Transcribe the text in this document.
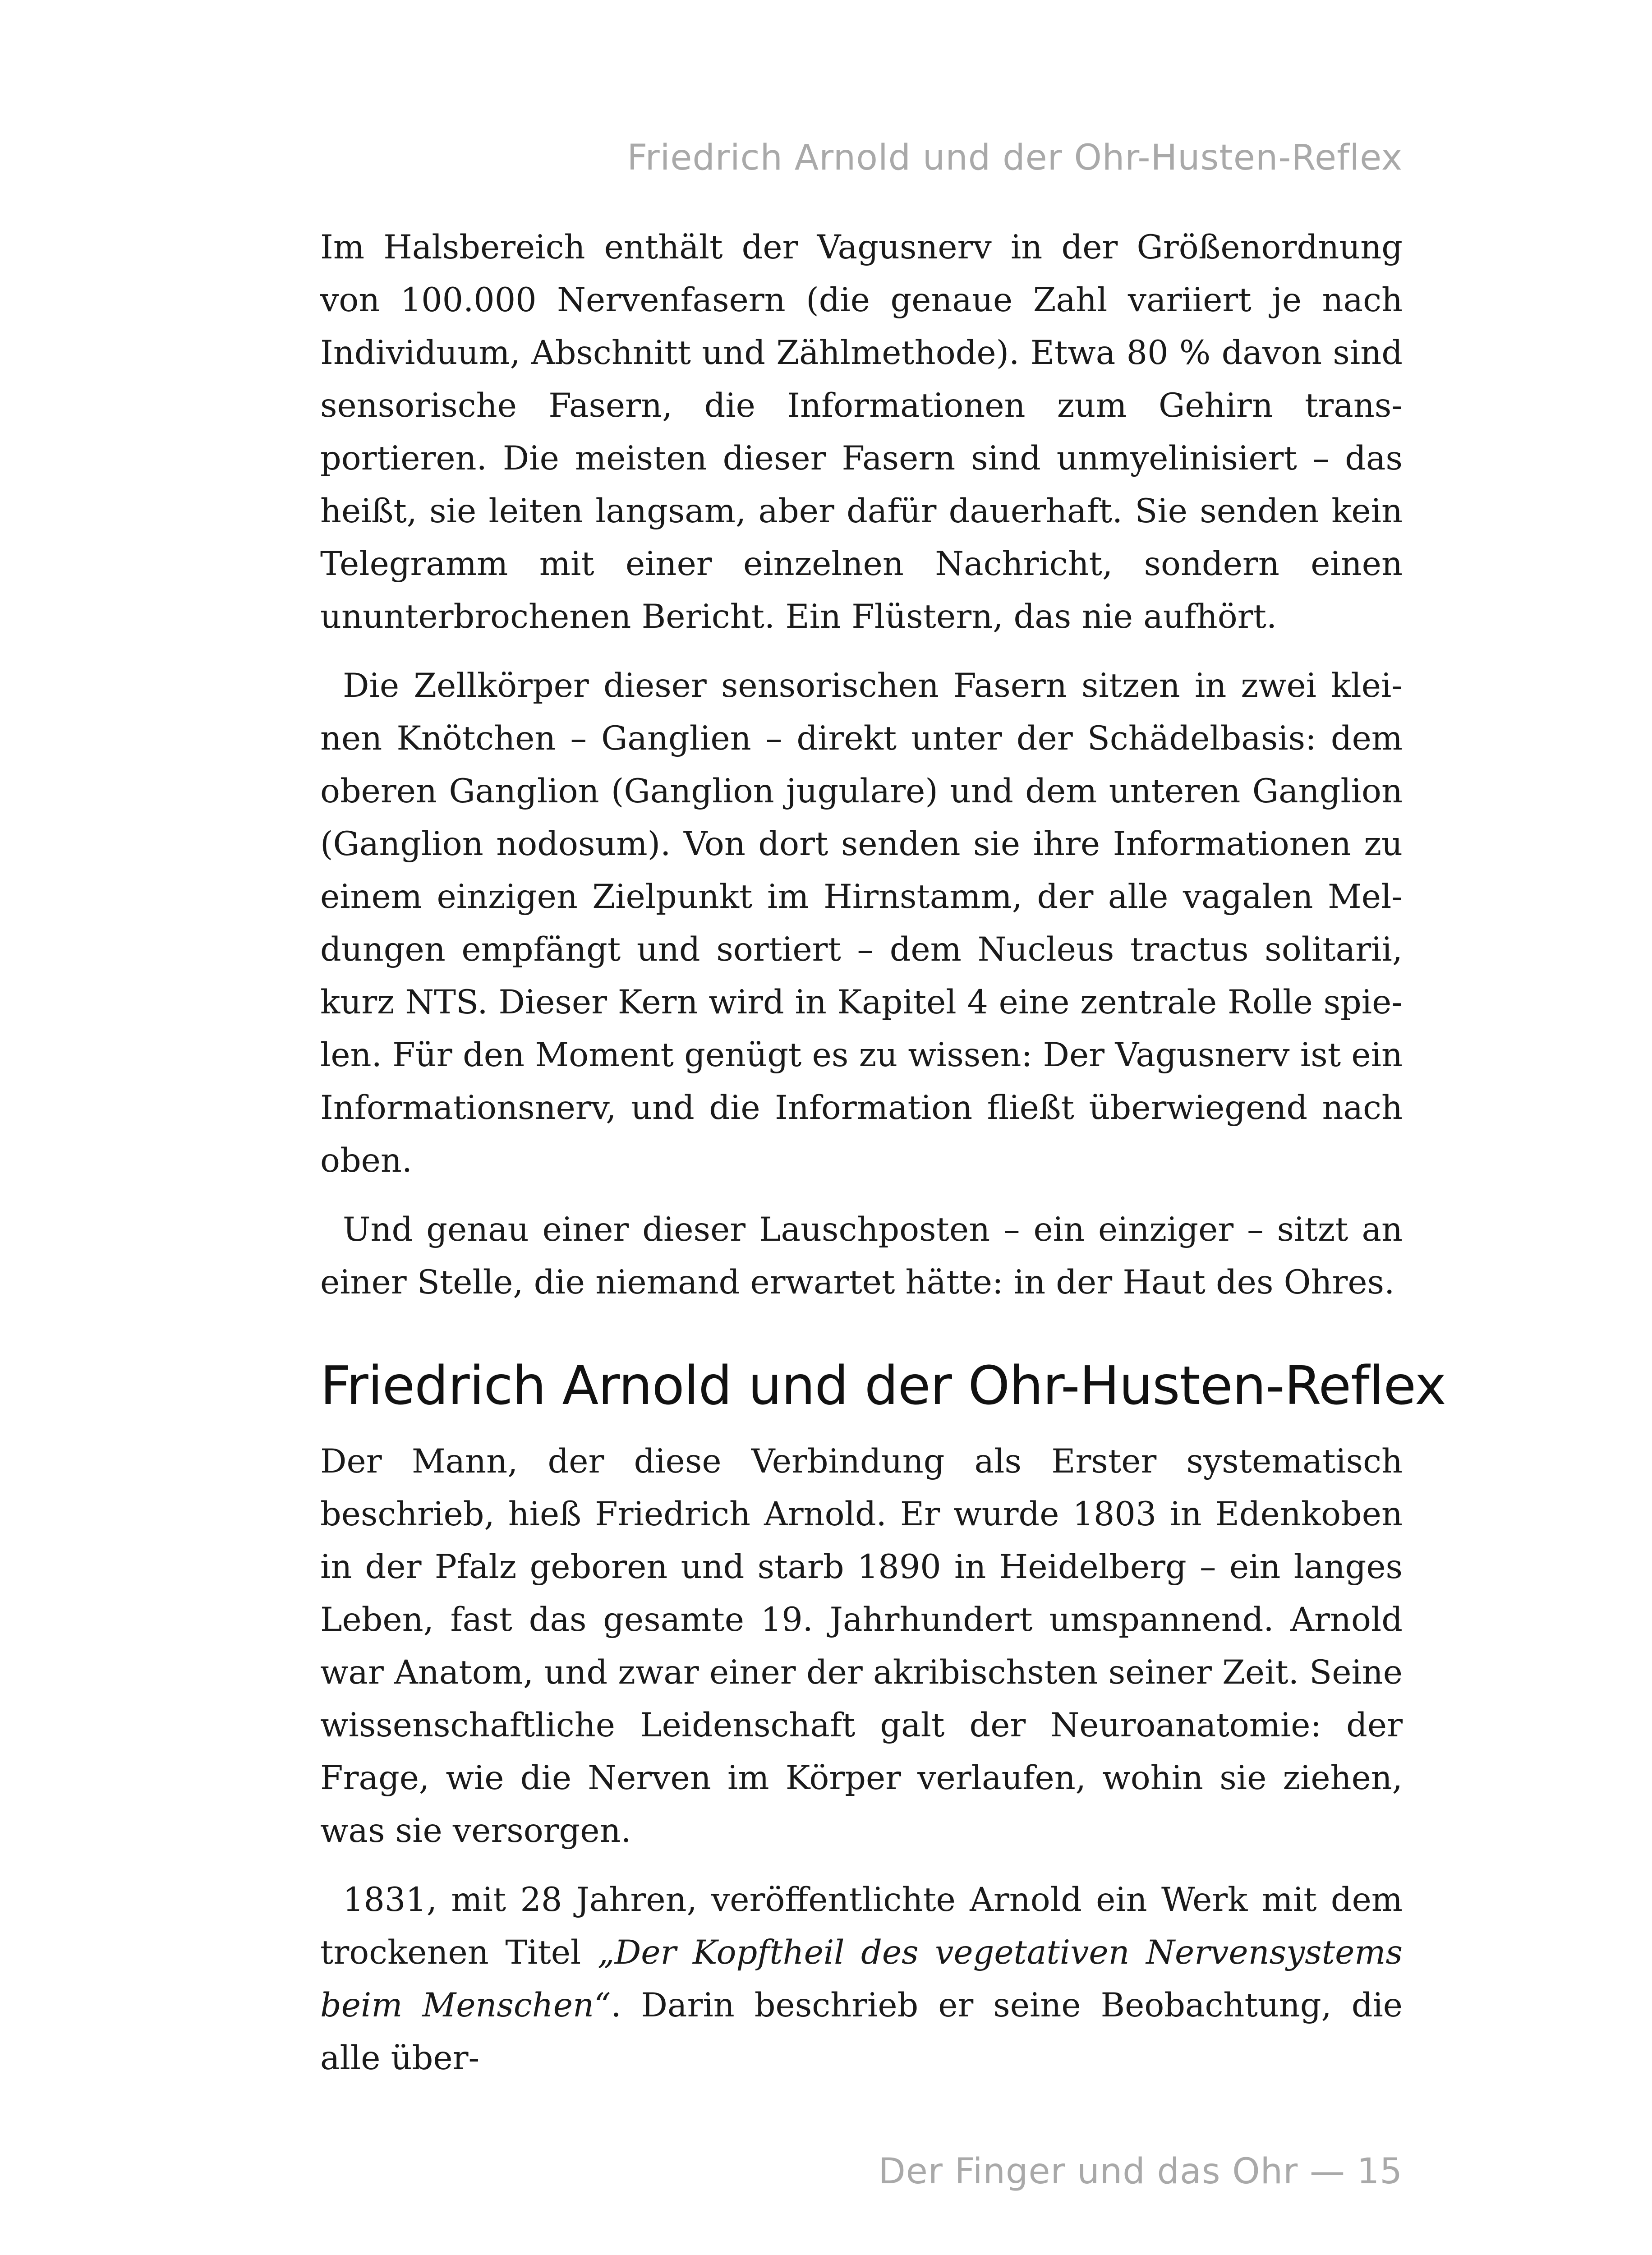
Friedrich Arnold und der Ohr-Husten-Reflex

Im Halsbereich enthält der Vagusnerv in der Größenordnung von 100.000 Nervenfasern (die genaue Zahl variiert je nach Individuum, Abschnitt und Zählmethode). Etwa 80 % davon sind sensorische Fasern, die Informationen zum Gehirn transportieren. Die meisten dieser Fasern sind unmyelinisiert – das heißt, sie leiten langsam, aber dafür dauerhaft. Sie senden kein Telegramm mit einer einzelnen Nachricht, sondern einen ununterbrochenen Bericht. Ein Flüstern, das nie aufhört.

Die Zellkörper dieser sensorischen Fasern sitzen in zwei kleinen Knötchen – Ganglien – direkt unter der Schädelbasis: dem oberen Ganglion (Ganglion jugulare) und dem unteren Ganglion (Ganglion nodosum). Von dort senden sie ihre Informationen zu einem einzigen Zielpunkt im Hirnstamm, der alle vagalen Meldungen empfängt und sortiert – dem Nucleus tractus solitarii, kurz NTS. Dieser Kern wird in Kapitel 4 eine zentrale Rolle spielen. Für den Moment genügt es zu wissen: Der Vagusnerv ist ein Informationsnerv, und die Information fließt überwiegend nach oben.

Und genau einer dieser Lauschposten – ein einziger – sitzt an einer Stelle, die niemand erwartet hätte: in der Haut des Ohres.

Friedrich Arnold und der Ohr-Husten-Reflex

Der Mann, der diese Verbindung als Erster systematisch beschrieb, hieß Friedrich Arnold. Er wurde 1803 in Edenkoben in der Pfalz geboren und starb 1890 in Heidelberg – ein langes Leben, fast das gesamte 19. Jahrhundert umspannend. Arnold war Anatom, und zwar einer der akribischsten seiner Zeit. Seine wissenschaftliche Leidenschaft galt der Neuroanatomie: der Frage, wie die Nerven im Körper verlaufen, wohin sie ziehen, was sie versorgen.

1831, mit 28 Jahren, veröffentlichte Arnold ein Werk mit dem trockenen Titel „Der Kopftheil des vegetativen Nervensystems beim Menschen“. Darin beschrieb er seine Beobachtung, die alle über-

Der Finger und das Ohr — 15
